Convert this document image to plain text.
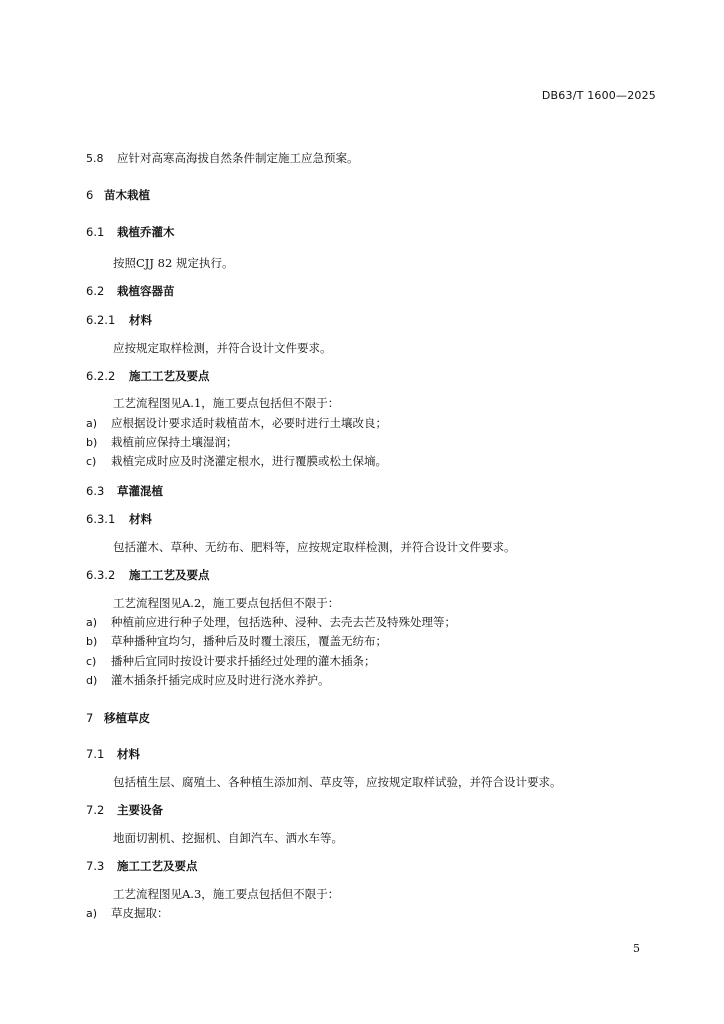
DB63/T 1600—2025
5.8 应针对高寒高海拔自然条件制定施工应急预案。
6 苗木栽植
6.1 栽植乔灌木
按照CJJ 82 规定执行。
6.2 栽植容器苗
6.2.1 材料
应按规定取样检测，并符合设计文件要求。
6.2.2 施工工艺及要点
工艺流程图见A.1，施工要点包括但不限于：
a) 应根据设计要求适时栽植苗木，必要时进行土壤改良；
b) 栽植前应保持土壤湿润；
c) 栽植完成时应及时浇灌定根水，进行覆膜或松土保墒。
6.3 草灌混植
6.3.1 材料
包括灌木、草种、无纺布、肥料等，应按规定取样检测，并符合设计文件要求。
6.3.2 施工工艺及要点
工艺流程图见A.2，施工要点包括但不限于：
a) 种植前应进行种子处理，包括选种、浸种、去壳去芒及特殊处理等；
b) 草种播种宜均匀，播种后及时覆土滚压，覆盖无纺布；
c) 播种后宜同时按设计要求扦插经过处理的灌木插条；
d) 灌木插条扦插完成时应及时进行浇水养护。
7 移植草皮
7.1 材料
包括植生层、腐殖土、各种植生添加剂、草皮等，应按规定取样试验，并符合设计要求。
7.2 主要设备
地面切割机、挖掘机、自卸汽车、洒水车等。
7.3 施工工艺及要点
工艺流程图见A.3，施工要点包括但不限于：
a) 草皮掘取：
5
